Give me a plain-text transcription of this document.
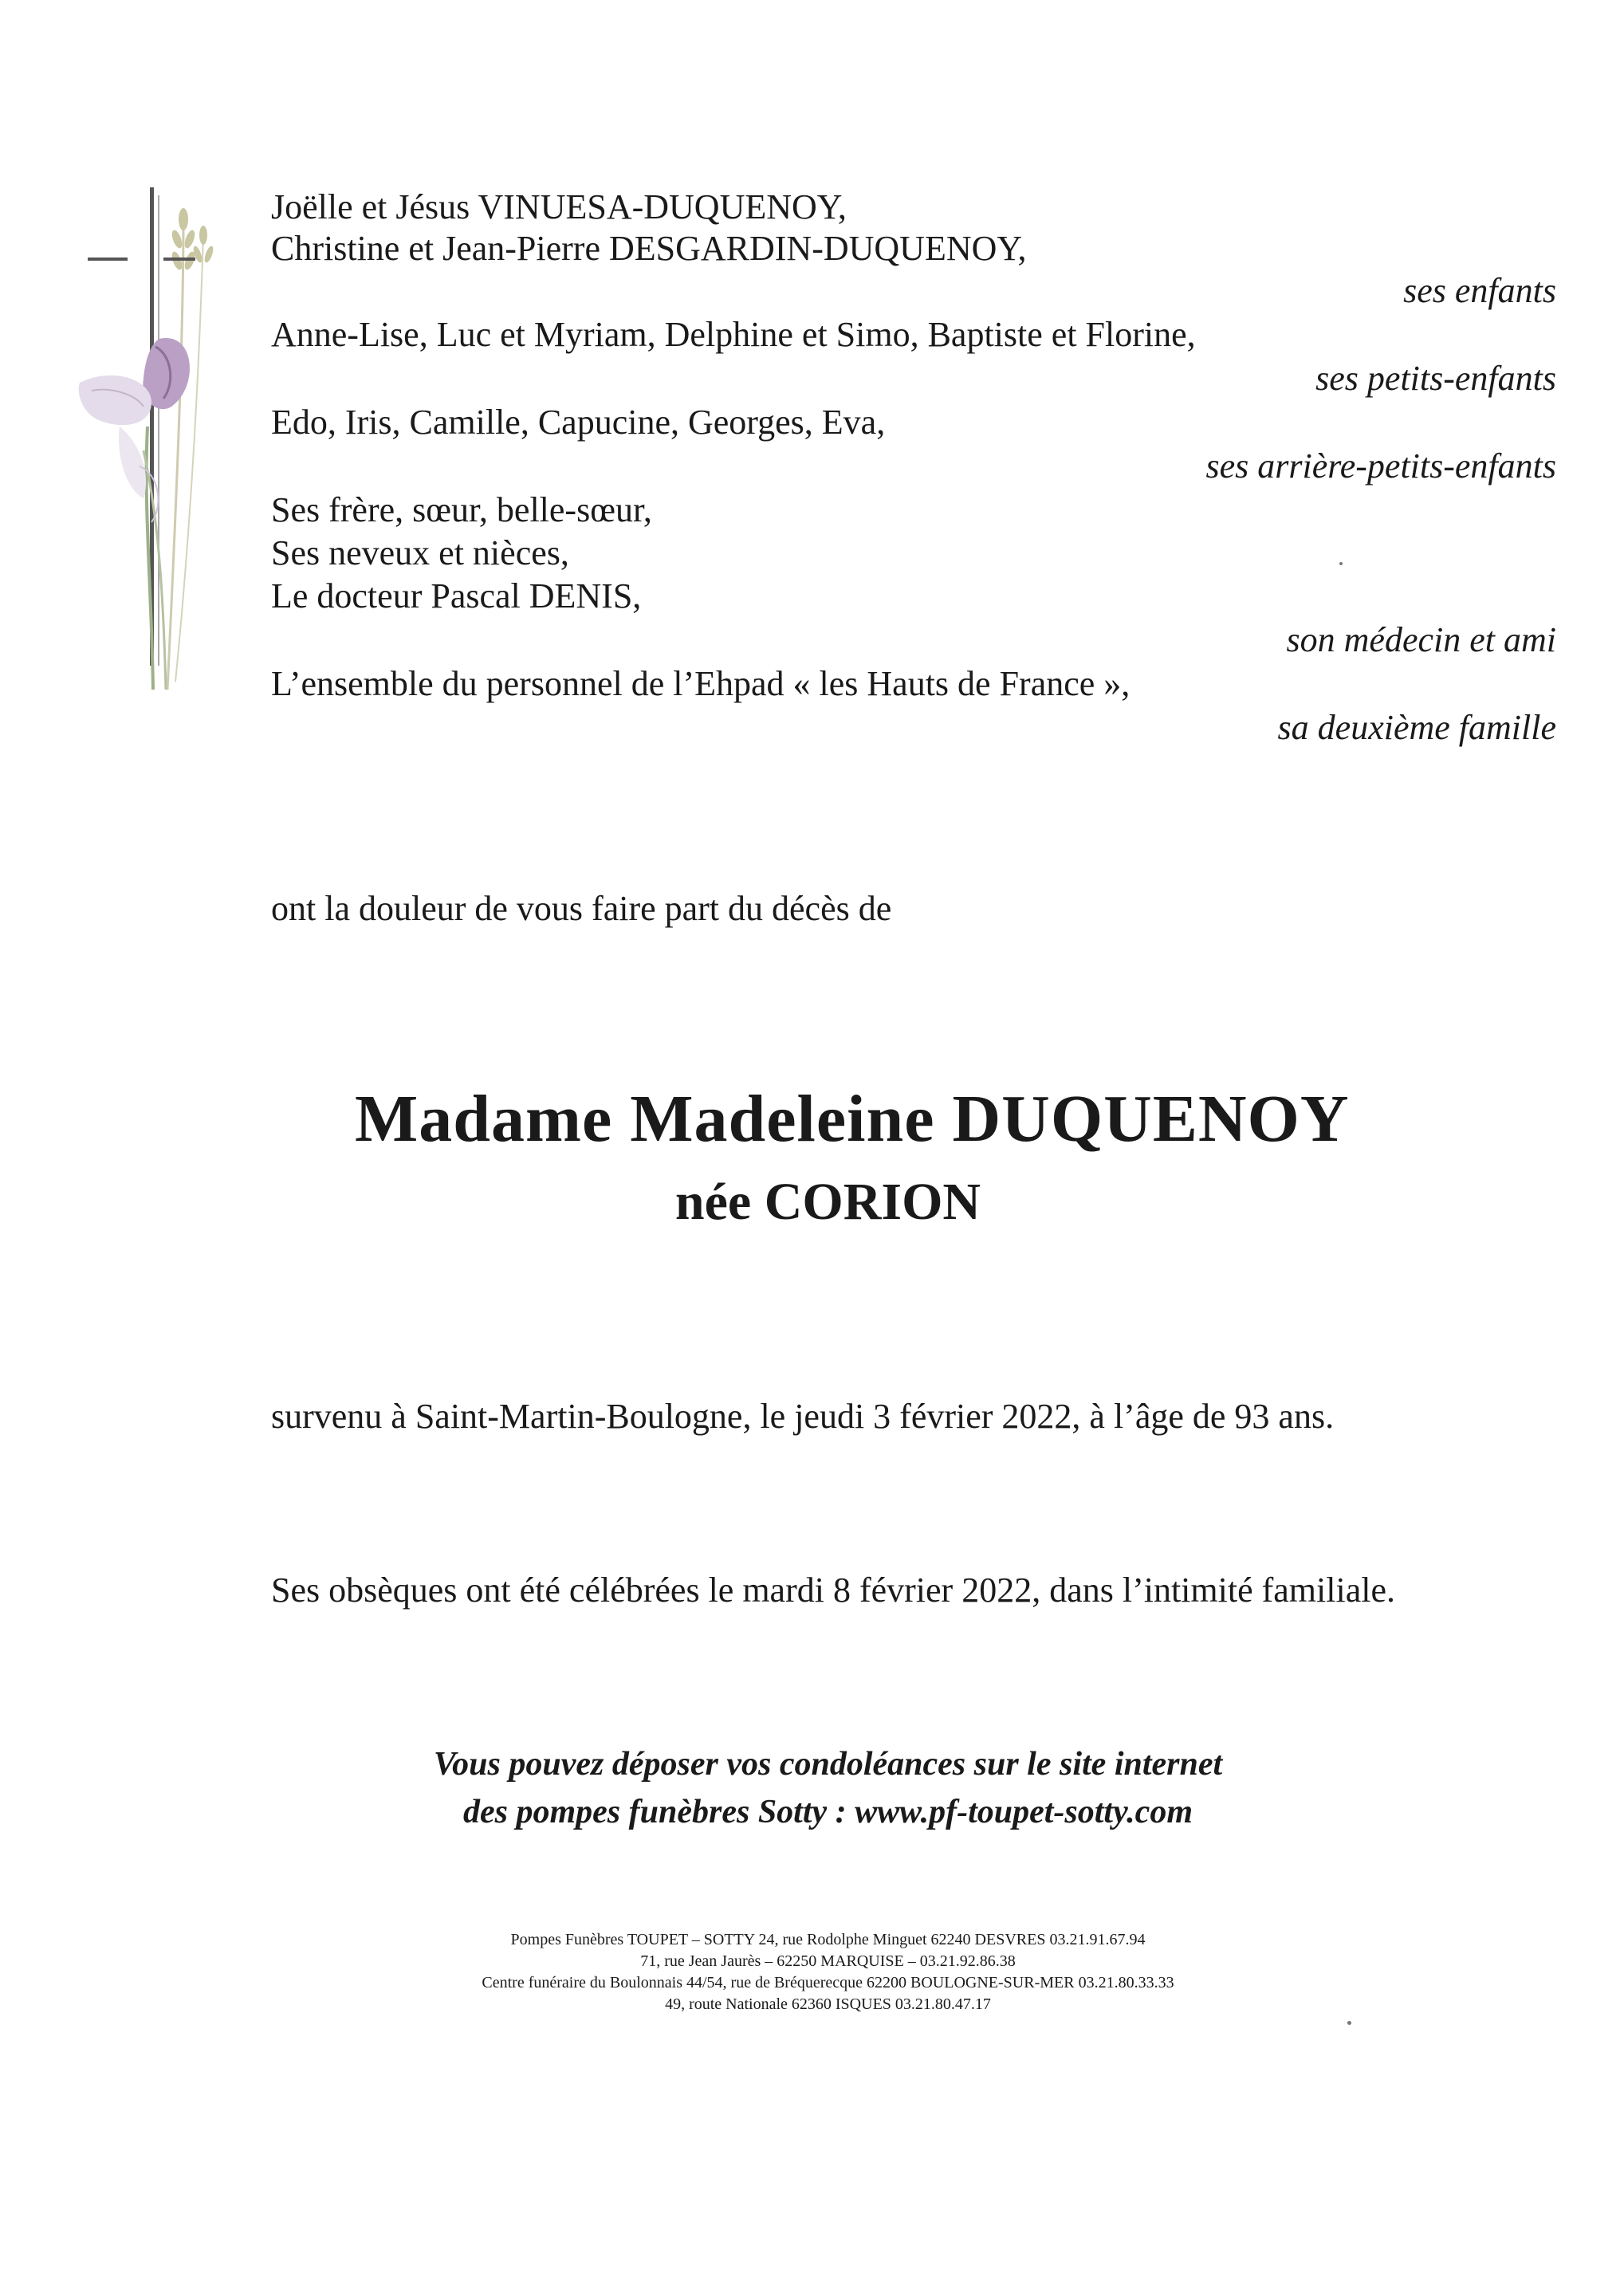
Joëlle et Jésus VINUESA-DUQUENOY,
Christine et Jean-Pierre DESGARDIN-DUQUENOY,
ses enfants
Anne-Lise, Luc et Myriam, Delphine et Simo, Baptiste et Florine,
ses petits-enfants
Edo, Iris, Camille, Capucine, Georges, Eva,
ses arrière-petits-enfants
Ses frère, sœur, belle-sœur,
Ses neveux et nièces,
Le docteur Pascal DENIS,
son médecin et ami
L’ensemble du personnel de l’Ehpad « les Hauts de France »,
sa deuxième famille
ont la douleur de vous faire part du décès de
Madame Madeleine DUQUENOY
née CORION
survenu à Saint-Martin-Boulogne, le jeudi 3 février 2022, à l’âge de 93 ans.
Ses obsèques ont été célébrées le mardi 8 février 2022, dans l’intimité familiale.
Vous pouvez déposer vos condoléances sur le site internet
des pompes funèbres Sotty : www.pf-toupet-sotty.com
Pompes Funèbres TOUPET – SOTTY 24, rue Rodolphe Minguet 62240 DESVRES 03.21.91.67.94
71, rue Jean Jaurès – 62250 MARQUISE – 03.21.92.86.38
Centre funéraire du Boulonnais 44/54, rue de Bréquerecque 62200 BOULOGNE-SUR-MER 03.21.80.33.33
49, route Nationale 62360 ISQUES 03.21.80.47.17
